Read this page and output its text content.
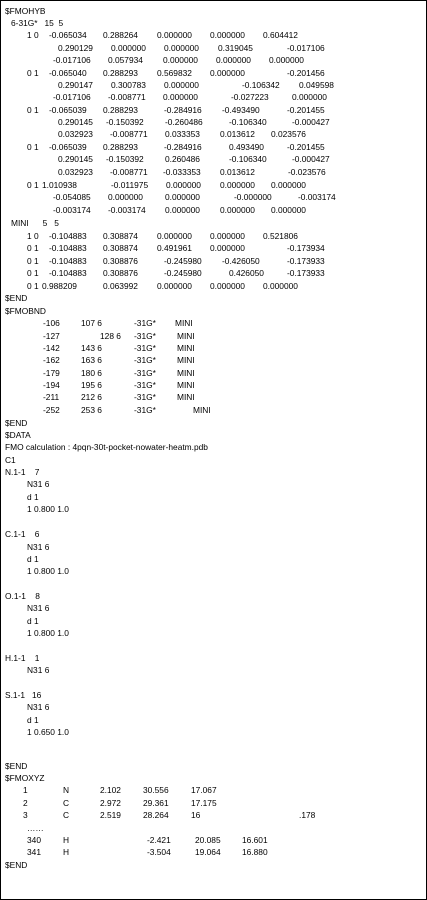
$FMOHYB
6-31G*   15  5
1 0 -0.065034 0.288264 0.000000 0.000000 0.604412
0.290129 0.000000 0.000000 0.319045	-0.017106
-0.017106 0.057934 0.000000 0.000000 0.000000
0 1 -0.065040 0.288293 0.569832 0.000000	-0.201456
0.290147 0.300783 0.000000	-0.106342 0.049598
-0.017106 -0.008771 0.000000	-0.027223	0.000000
0 1 -0.065039 0.288293	-0.284916 -0.493490	-0.201455
0.290145 -0.150392	-0.260486	-0.106340	-0.000427
0.032923 -0.008771 0.033353 0.013612 0.023576
0 1 -0.065039 0.288293	-0.284916	0.493490	-0.201455
0.290145 -0.150392	0.260486	-0.106340	-0.000427
0.032923 -0.008771 -0.033353 0.013612	-0.023576
0 1 1.010938	-0.011975 0.000000 0.000000 0.000000
-0.054085 0.000000	0.000000	-0.000000	-0.003174
-0.003174 -0.003174 0.000000 0.000000 0.000000
MINI      5   5
1 0 -0.104883 0.308874 0.000000 0.000000 0.521806
0 1 -0.104883 0.308874 0.491961 0.000000	-0.173934
0 1 -0.104883 0.308876	-0.245980 -0.426050	-0.173933
0 1 -0.104883 0.308876	-0.245980	0.426050	-0.173933
0 1 0.988209	0.063992 0.000000 0.000000 0.000000
$END
$FMOBND
-106	107 6	-31G* MINI
-127	128 6 -31G*	MINI
-142	143 6	-31G*	MINI
-162	163 6	-31G*	MINI
-179	180 6	-31G*	MINI
-194	195 6	-31G*	MINI
-211	212 6	-31G*	MINI
-252	253 6	-31G*	MINI
$END
$DATA
FMO calculation : 4pqn-30t-pocket-nowater-heatm.pdb
C1
N.1-1    7
N31 6
d 1
1 0.800 1.0
C.1-1    6
N31 6
d 1
1 0.800 1.0
O.1-1    8
N31 6
d 1
1 0.800 1.0
H.1-1    1
N31 6
S.1-1   16
N31 6
d 1
1 0.650 1.0
$END
$FMOXYZ
1	N	2.102	30.556	17.067
2	C	2.972	29.361	17.175
3	C	2.519	28.264	16	.178
……
340	H	-2.421	20.085	16.601
341	H	-3.504	19.064	16.880
$END
